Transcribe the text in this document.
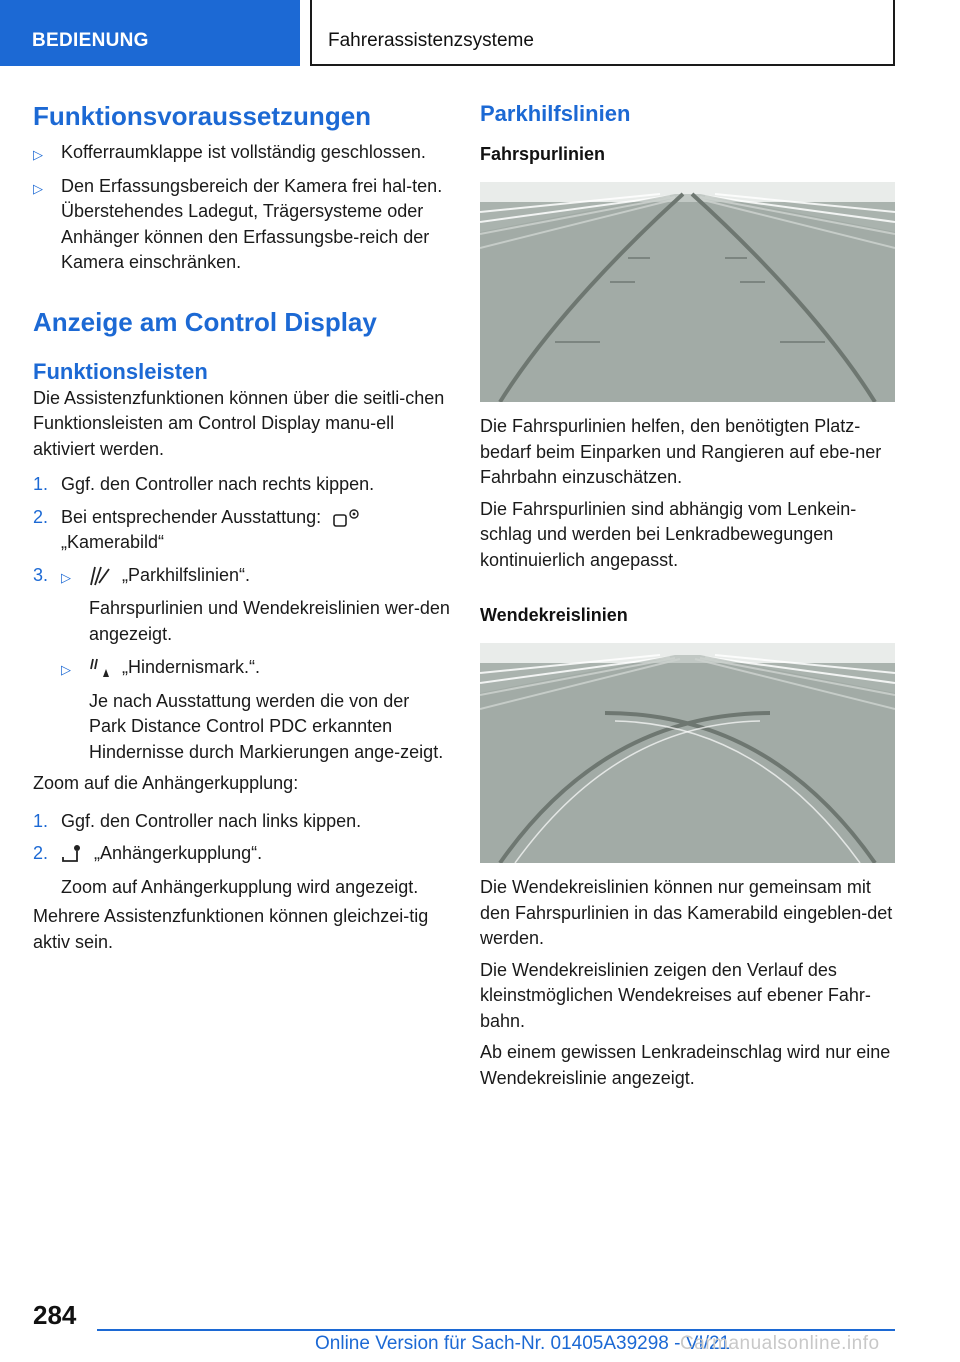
BEDIENUNG	Fahrerassistenzsysteme
Funktionsvoraussetzungen
▷ Kofferraumklappe ist vollständig geschlossen.
▷ Den Erfassungsbereich der Kamera frei hal-ten. Überstehendes Ladegut, Trägersysteme oder Anhänger können den Erfassungsbe-reich der Kamera einschränken.
Anzeige am Control Display
Funktionsleisten

Die Assistenzfunktionen können über die seitli-chen Funktionsleisten am Control Display manu-ell aktiviert werden.

1. Ggf. den Controller nach rechts kippen.
2. Bei entsprechender Ausstattung:
„Kamerabild“
3. ▷	„Parkhilfslinien“.
Fahrspurlinien und Wendekreislinien wer-den angezeigt.
▷	„Hindernismark.“.
Je nach Ausstattung werden die von der Park Distance Control PDC erkannten Hindernisse durch Markierungen ange-zeigt.

Zoom auf die Anhängerkupplung:

1. Ggf. den Controller nach links kippen.
2.	„Anhängerkupplung“.
Zoom auf Anhängerkupplung wird angezeigt.

Mehrere Assistenzfunktionen können gleichzei-tig aktiv sein.

Parkhilfslinien
Fahrspurlinien

Die Fahrspurlinien helfen, den benötigten Platz-bedarf beim Einparken und Rangieren auf ebe-ner Fahrbahn einzuschätzen.

Die Fahrspurlinien sind abhängig vom Lenkein-schlag und werden bei Lenkradbewegungen kontinuierlich angepasst.

Wendekreislinien

Die Wendekreislinien können nur gemeinsam mit den Fahrspurlinien in das Kamerabild eingeblen-det werden.

Die Wendekreislinien zeigen den Verlauf des kleinstmöglichen Wendekreises auf ebener Fahr-bahn.

Ab einem gewissen Lenkradeinschlag wird nur eine Wendekreislinie angezeigt.

284
Online Version für Sach-Nr. 01405A39298 - VI/21
Carmanualsonline.info
